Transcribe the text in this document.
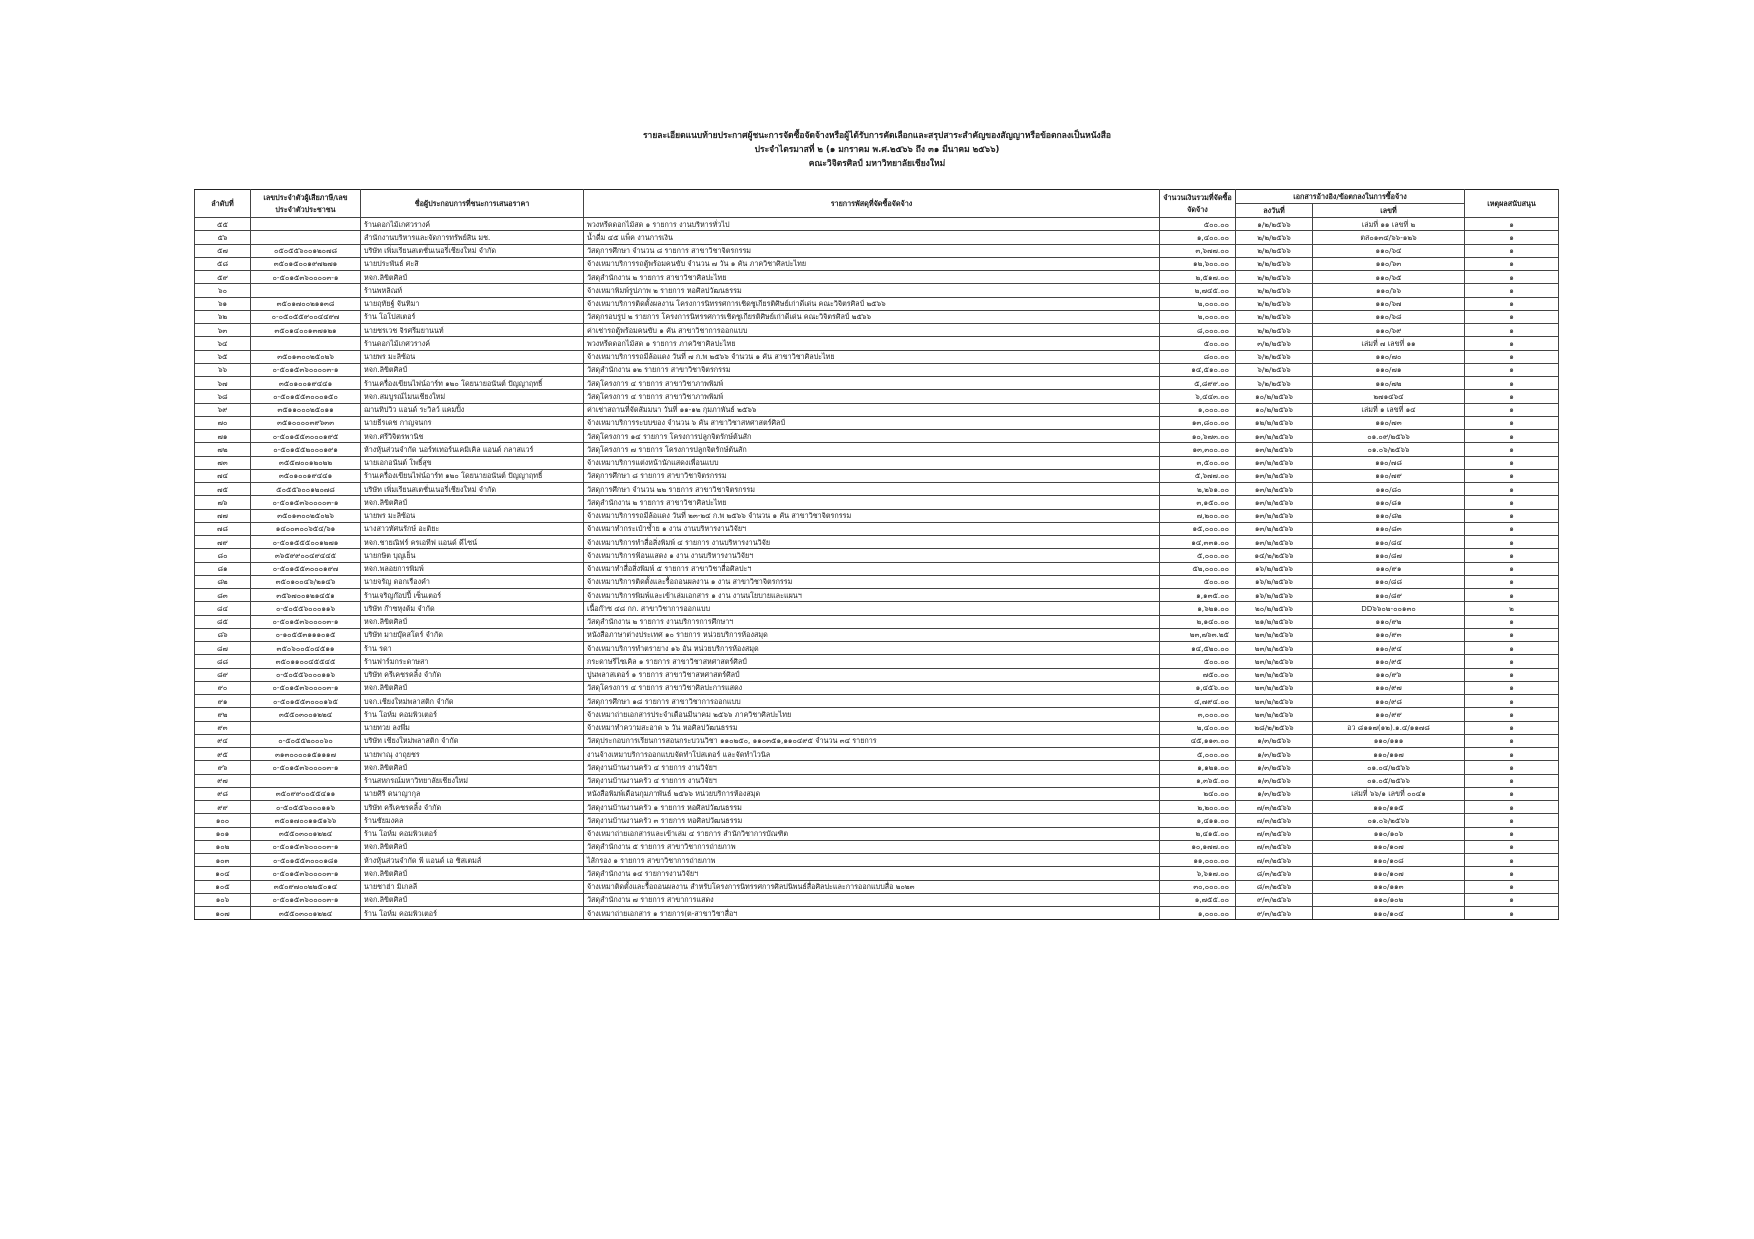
รายละเอียดแนบท้ายประกาศผู้ชนะการจัดซื้อจัดจ้างหรือผู้ได้รับการคัดเลือกและสรุปสาระสำคัญของสัญญาหรือข้อตกลงเป็นหนังสือ
ประจำไตรมาสที่ ๒ (๑ มกราคม พ.ศ.๒๕๖๖ ถึง ๓๑ มีนาคม ๒๕๖๖)
คณะวิจิตรศิลป์ มหาวิทยาลัยเชียงใหม่
ลำดับที่	เลขประจำตัวผู้เสียภาษี/เลขประจำตัวประชาชน	ชื่อผู้ประกอบการที่ชนะการเสนอราคา	รายการพัสดุที่จัดซื้อจัดจ้าง	จำนวนเงินรวมที่จัดซื้อจัดจ้าง	เอกสารอ้างอิง/ข้อตกลงในการซื้อจ้าง		เหตุผลสนับสนุน
					ลงวันที่	เลขที่	
๕๕		ร้านดอกไม้เกศวรางค์	พวงหรีดดอกไม้สด ๑ รายการ งานบริหารทั่วไป	๕๐๐.๐๐	๑/๒/๒๕๖๖	เล่มที่ ๑๑ เลขที่ ๒	๑
๕๖		สำนักงานบริหารและจัดการทรัพย์สิน มช.	น้ำดื่ม ๔๕ แพ็ค งานการเงิน	๑,๔๐๐.๐๐	๒/๒/๒๕๖๖	ตส๐๑๓๔/๖๖-๑๒๖	๑
๕๗	๐๕๐๕๕๖๐๐๑๒๐๗๘	บริษัท เพิ่มเรียนสเตชั่นเนอรี่เชียงใหม่ จำกัด	วัสดุการศึกษา จำนวน ๘ รายการ สาขาวิชาจิตรกรรม	๓,๖๗๗.๐๐	๒/๒/๒๕๖๖	๑๑๐/๖๔	๑
๕๘	๓๕๐๑๕๐๐๑๙๗๒๗๑	นายประพันธ์ ศะสิ	จ้างเหมาบริการรถตู้พร้อมคนขับ จำนวน ๗ วัน ๑ คัน ภาควิชาศิลปะไทย	๑๒,๖๐๐.๐๐	๒/๒/๒๕๖๖	๑๑๐/๖๓	๑
๕๙	๐-๕๐๑๕๓๖๐๐๐๐๓-๑	หจก.ลิขิตศิลป์	วัสดุสำนักงาน ๒ รายการ สาขาวิชาศิลปะไทย	๒,๕๑๗.๐๐	๒/๒/๒๕๖๖	๑๑๐/๖๕	๑
๖๐		ร้านพหลิณท์	จ้างเหมาพิมพ์รูปภาพ ๒ รายการ หอศิลปวัฒนธรรม	๒,๗๔๕.๐๐	๒/๒/๒๕๖๖	๑๑๐/๖๖	๑
๖๑	๓๕๐๑๗๐๐๒๑๑๓๘	นายฤทัยฐ์ จันทิมา	จ้างเหมาบริการติดตั้งผลงาน โครงการนิทรรศการเชิดชูเกียรติศิษย์เก่าดีเด่น คณะวิจิตรศิลป์ ๒๕๖๖	๒,๐๐๐.๐๐	๒/๒/๒๕๖๖	๑๑๐/๖๗	๑
๖๒	๐-๐๕๐๕๕๙๐๐๔๔๙๗	ร้าน โอโปสเตอร์	วัสดุกรอบรูป ๒ รายการ โครงการนิทรรศการเชิดชูเกียรติศิษย์เก่าดีเด่น คณะวิจิตรศิลป์ ๒๕๖๖	๒,๐๐๐.๐๐	๒/๒/๒๕๖๖	๑๑๐/๖๘	๑
๖๓	๓๕๐๑๔๐๐๑๓๗๑๒๑	นายชรเวช จิรศรีมยานนท์	ค่าเช่ารถตู้พร้อมคนขับ ๑ คัน สาขาวิชาการออกแบบ	๘,๐๐๐.๐๐	๒/๒/๒๕๖๖	๑๑๐/๖๙	๑
๖๔		ร้านดอกไม้เกศวรางค์	พวงหรีดดอกไม้สด ๑ รายการ ภาควิชาศิลปะไทย	๕๐๐.๐๐	๓/๒/๒๕๖๖	เล่มที่ ๗ เลขที่ ๑๑	๑
๖๕	๓๕๐๑๓๐๐๒๕๐๒๖	นายพร มะลิซ้อน	จ้างเหมาบริการรถมีล้อแดง วันที่ ๗ ก.พ ๒๕๖๖ จำนวน ๑ คัน สาขาวิชาศิลปะไทย	๘๐๐.๐๐	๖/๒/๒๕๖๖	๑๑๐/๗๐	๑
๖๖	๐-๕๐๑๕๓๖๐๐๐๐๓-๑	หจก.ลิขิตศิลป์	วัสดุสำนักงาน ๑๒ รายการ สาขาวิชาจิตรกรรม	๑๔,๕๑๐.๐๐	๖/๒/๒๕๖๖	๑๑๐/๗๑	๑
๖๗	๓๕๐๑๐๐๑๙๔๔๑	ร้านเครื่องเขียนไฟน์อาร์ท ๑๒๐ โดยนายอนันต์ ปัญญาฤทธิ์	วัสดุโครงการ ๔ รายการ สาขาวิชาภาพพิมพ์	๕,๘๙๙.๐๐	๖/๒/๒๕๖๖	๑๑๐/๗๒	๑
๖๘	๐-๕๐๑๕๕๓๐๐๐๑๕๐	หจก.สมบูรณ์ไมนเชียงใหม่	วัสดุโครงการ ๔ รายการ สาขาวิชาภาพพิมพ์	๖,๔๔๓.๐๐	๑๐/๒/๒๕๖๖	๒๗๑๔๖๔	๑
๖๙	๓๕๑๑๐๐๐๒๕๐๑๑	ฌานทิปวิว แอนด์ ระวิลว์ แคมปิ้ง	ค่าเช่าสถานที่จัดสัมมนา วันที่ ๑๑-๑๒ กุมภาพันธ์ ๒๕๖๖	๑,๐๐๐.๐๐	๑๐/๒/๒๕๖๖	เล่มที่ ๑ เลขที่ ๑๔	๑
๗๐	๓๕๑๐๐๐๐๓๙๖๓๓	นายธีรเดช กาญจนกร	จ้างเหมาบริการระบบของ จำนวน ๖ คัน สาขาวิชาสหศาสตร์ศิลป์	๑๓,๘๐๐.๐๐	๑๒/๒/๒๕๖๖	๑๑๐/๗๓	๑
๗๑	๐-๕๐๑๕๕๓๐๐๐๑๙๕	หจก.ศรีวิจิตรพานิช	วัสดุโครงการ ๑๔ รายการ โครงการปลูกจิตรักษ์ต้นสัก	๑๐,๖๗๓.๐๐	๑๓/๒/๒๕๖๖	๐๑.๐๙/๒๕๖๖	๑
๗๒	๐-๕๐๑๕๕๒๐๐๐๑๙๑	ห้างหุ้นส่วนจำกัด นอร์ทเทอร์นเคมิเคิล แอนด์ กลาสแวร์	วัสดุโครงการ ๗ รายการ โครงการปลูกจิตรักษ์ต้นสัก	๑๓,๓๐๐.๐๐	๑๓/๒/๒๕๖๖	๐๑.๐๖/๒๕๖๖	๑
๗๓	๓๕๕๗๐๐๑๒๐๒๒	นายเอกอนันต์ โพธิ์สุข	จ้างเหมาบริการแต่งหน้านักแสดงเพื่อนแบบ	๓,๕๐๐.๐๐	๑๓/๒/๒๕๖๖	๑๑๐/๗๘	๑
๗๔	๓๕๐๑๐๐๑๙๔๔๑	ร้านเครื่องเขียนไฟน์อาร์ท ๑๒๐ โดยนายอนันต์ ปัญญาฤทธิ์	วัสดุการศึกษา ๘ รายการ สาขาวิชาจิตรกรรม	๕,๖๗๗.๐๐	๑๓/๒/๒๕๖๖	๑๑๐/๗๙	๑
๗๕	๕๐๕๕๖๐๐๑๒๐๗๘	บริษัท เพิ่มเรียนสเตชั่นเนอรี่เชียงใหม่ จำกัด	วัสดุการศึกษา จำนวน ๒๒ รายการ สาขาวิชาจิตรกรรม	๒,๒๖๑.๐๐	๑๓/๒/๒๕๖๖	๑๑๐/๘๐	๑
๗๖	๐-๕๐๑๕๓๖๐๐๐๐๓-๑	หจก.ลิขิตศิลป์	วัสดุสำนักงาน ๒ รายการ สาขาวิชาศิลปะไทย	๓,๑๕๐.๐๐	๑๓/๒/๒๕๖๖	๑๑๐/๘๑	๑
๗๗	๓๕๐๑๓๐๐๒๕๐๒๖	นายพร มะลิซ้อน	จ้างเหมาบริการรถมีล้อแดง วันที่ ๒๓-๒๔ ก.พ ๒๕๖๖ จำนวน ๑ คัน สาขาวิชาจิตรกรรม	๗,๒๐๐.๐๐	๑๓/๒/๒๕๖๖	๑๑๐/๘๒	๑
๗๘	๑๔๐๐๓๐๐๖๕๔/๖๑	นางสาวทัศนรักษ์ อะติยะ	จ้างเหมาทำกระเป๋าซ้ำย ๑ งาน งานบริหารงานวิจัยฯ	๑๕,๐๐๐.๐๐	๑๓/๒/๒๕๖๖	๑๑๐/๘๓	๑
๗๙	๐-๕๐๑๕๕๕๐๐๑๒๗๑	หจก.ชายณิฟร์ ครเอทีฟ แอนด์ ดีไซน์	จ้างเหมาบริการทำสื่อสิ่งพิมพ์ ๔ รายการ งานบริหารงานวิจัย	๑๔,๓๓๑.๐๐	๑๓/๒/๒๕๖๖	๑๑๐/๘๔	๑
๘๐	๓๖๕๙๙๐๐๔๙๔๔๕	นายกษิต บุญเย็น	จ้างเหมาบริการฟ้อนแสดง ๑ งาน งานบริหารงานวิจัยฯ	๕,๐๐๐.๐๐	๑๔/๒/๒๕๖๖	๑๑๐/๘๗	๑
๘๑	๐-๕๐๑๕๕๓๐๐๐๑๙๗	หจก.พลอยการพิมพ์	จ้างเหมาทำสื่อสิ่งพิมพ์ ๕ รายการ สาขาวิชาสื่อศิลปะฯ	๕๒,๐๐๐.๐๐	๑๖/๒/๒๕๖๖	๑๑๐/๙๑	๑
๘๒	๓๕๐๑๐๐๔๖/๒๑๔๖	นายจรัญ ดอกเรืองคำ	จ้างเหมาบริการติดตั้งและรื้อถอนผลงาน ๑ งาน สาขาวิชาจิตรกรรม	๕๐๐.๐๐	๑๖/๒/๒๕๖๖	๑๑๐/๘๘	๑
๘๓	๓๕๖๗๐๐๑๒๑๔๕๑	ร้านเจริญก๊อปปี้ เซ็นเตอร์	จ้างเหมาบริการพิมพ์และเข้าเล่มเอกสาร ๑ งาน งานนโยบายและแผนฯ	๑,๑๓๕.๐๐	๑๖/๒/๒๕๖๖	๑๑๐/๘๙	๑
๘๔	๐-๕๐๕๕๖๐๐๐๑๑๖	บริษัท ก๊าซหุงต้ม จำกัด	เนื้อก๊าซ ๔๘ กก. สาขาวิชาการออกแบบ	๑,๖๒๑.๐๐	๒๐/๒/๒๕๖๖	DD๖๖๐๒-๐๐๑๓๐	๒
๘๕	๐-๕๐๑๕๓๖๐๐๐๐๓-๑	หจก.ลิขิตศิลป์	วัสดุสำนักงาน ๒ รายการ งานบริการการศึกษาฯ	๒,๑๔๐.๐๐	๒๑/๒/๒๕๖๖	๑๑๐/๙๒	๑
๘๖	๐-๑๐๕๕๓๑๑๑๐๑๕	บริษัท มายบุ๊คสโตร์ จำกัด	หนังสือภาษาต่างประเทศ ๑๐ รายการ หน่วยบริการห้องสมุด	๒๓,๗๖๓.๒๕	๒๓/๒/๒๕๖๖	๑๑๐/๙๓	๑
๘๗	๓๕๐๖๐๐๕๐๔๕๑๑	ร้าน รดา	จ้างเหมาบริการทำตรายาง ๑๖ อัน หน่วยบริการห้องสมุด	๑๔,๕๒๐.๐๐	๒๓/๒/๒๕๖๖	๑๑๐/๙๔	๑
๘๘	๓๕๐๑๑๐๐๔๕๕๔๕	ร้านฟาร์มกระดาษสา	กระดาษรีไซเคิล ๑ รายการ สาขาวิชาสหศาสตร์ศิลป์	๕๐๐.๐๐	๒๓/๒/๒๕๖๖	๑๑๐/๙๕	๑
๘๙	๐-๕๐๕๕๖๐๐๐๑๑๖	บริษัท ครีเคชรคลิ้ง จำกัด	ปูนพลาสเตอร์ ๑ รายการ สาขาวิชาสหศาสตร์ศิลป์	๗๕๐.๐๐	๒๓/๒/๒๕๖๖	๑๑๐/๙๖	๑
๙๐	๐-๕๐๑๕๓๖๐๐๐๐๓-๑	หจก.ลิขิตศิลป์	วัสดุโครงการ ๔ รายการ สาขาวิชาศิลปะการแสดง	๑,๔๕๖.๐๐	๒๓/๒/๒๕๖๖	๑๑๐/๙๗	๑
๙๑	๐-๕๐๑๕๕๓๐๐๐๑๖๕	บจก.เชียงใหม่พลาสติก จำกัด	วัสดุการศึกษา ๑๘ รายการ สาขาวิชาการออกแบบ	๔,๗๙๔.๐๐	๒๓/๒/๒๕๖๖	๑๑๐/๙๘	๑
๙๒	๓๕๕๐๓๐๐๑๒๒๔	ร้าน โอห์ม คอมพิวเตอร์	จ้างเหมาถ่ายเอกสารประจำเดือนมีนาคม ๒๕๖๖ ภาควิชาศิลปะไทย	๓,๐๐๐.๐๐	๒๓/๒/๒๕๖๖	๑๑๐/๙๙	๑
๙๓		นายทวย ลงพึ่ม	จ้างเหมาทำความสะอาด ๖ วัน หอศิลปวัฒนธรรม	๒,๔๐๐.๐๐	๒๘/๒/๒๕๖๖	อว ๘๑๑๗(๑๒).๑.๔/๑๑๗๘	๑
๙๔	๐-๕๐๕๕๒๐๐๐๖๐	บริษัท เชียงใหม่พลาสติก จำกัด	วัสดุประกอบการเรียนการสอนกระบวนวิชา ๑๑๐๒๕๐, ๑๑๐๓๕๑,๑๑๐๔๙๕ จำนวน ๓๔ รายการ	๔๕,๑๑๓.๐๐	๑/๓/๒๕๖๖	๑๑๐/๑๑๑	๑
๙๕	๓๑๓๐๐๐๐๑๕๑๑๑๗	นายพาณุ งาถุยชร	งานจ้างเหมาบริการออกแบบจัดทำโปสเตอร์ และจัดทำไวนิล	๕,๐๐๐.๐๐	๑/๓/๒๕๖๖	๑๑๐/๑๑๗	๑
๙๖	๐-๕๐๑๕๓๖๐๐๐๐๓-๑	หจก.ลิขิตศิลป์	วัสดุงานบ้านงานครัว ๔ รายการ งานวิจัยฯ	๑,๑๒๑.๐๐	๑/๓/๒๕๖๖	๐๑.๐๔/๒๕๖๖	๑
๙๗		ร้านสหกรณ์มหาวิทยาลัยเชียงใหม่	วัสดุงานบ้านงานครัว ๔ รายการ งานวิจัยฯ	๑,๓๖๕.๐๐	๑/๓/๒๕๖๖	๐๑.๐๕/๒๕๖๖	๑
๙๘	๓๕๐๙๙๐๐๕๕๔๑๑	นายศิริ ดนาญากุล	หนังสือพิมพ์เดือนกุมภาพันธ์ ๒๕๖๖ หน่วยบริการห้องสมุด	๒๔๐.๐๐	๑/๓/๒๕๖๖	เล่มที่ ๖๖/๑ เลขที่ ๐๐๔๑	๑
๙๙	๐-๕๐๕๕๖๐๐๐๑๑๖	บริษัท ครีเคชรคลิ้ง จำกัด	วัสดุงานบ้านงานครัว ๑ รายการ หอศิลปวัฒนธรรม	๒,๒๐๐.๐๐	๗/๓/๒๕๖๖	๑๑๐/๑๑๕	๑
๑๐๐	๓๕๐๑๗๐๐๑๑๕๑๖๖	ร้านชัยมงคล	วัสดุงานบ้านงานครัว ๓ รายการ หอศิลปวัฒนธรรม	๑,๔๑๑.๐๐	๗/๓/๒๕๖๖	๐๑.๐๖/๒๕๖๖	๑
๑๐๑	๓๕๕๐๓๐๐๑๒๒๔	ร้าน โอห์ม คอมพิวเตอร์	จ้างเหมาถ่ายเอกสารและเข้าเล่ม ๔ รายการ สำนักวิชาการบัณฑิต	๒,๔๑๕.๐๐	๗/๓/๒๕๖๖	๑๑๐/๑๐๖	๑
๑๐๒	๐-๕๐๑๕๓๖๐๐๐๐๓-๑	หจก.ลิขิตศิลป์	วัสดุสำนักงาน ๕ รายการ สาขาวิชาการถ่ายภาพ	๑๐,๑๗๗.๐๐	๗/๓/๒๕๖๖	๑๑๐/๑๐๗	๑
๑๐๓	๐-๕๐๑๕๕๓๐๐๐๑๘๑	ห้างหุ้นส่วนจำกัด พี แอนด์ เอ ซิสเตมส์	ไส้กรอง ๑ รายการ สาขาวิชาการถ่ายภาพ	๑๑,๐๐๐.๐๐	๗/๓/๒๕๖๖	๑๑๐/๑๐๘	๑
๑๐๔	๐-๕๐๑๕๓๖๐๐๐๐๓-๑	หจก.ลิขิตศิลป์	วัสดุสำนักงาน ๑๔ รายการงานวิจัยฯ	๖,๖๑๗.๐๐	๘/๓/๒๕๖๖	๑๑๐/๑๐๗	๑
๑๐๕	๓๕๐๙๗๐๐๒๒๕๐๑๔	นายชาฮ่า มิเกลลี	จ้างเหมาติดตั้งและรื้อถอนผลงาน สำหรับโครงการนิทรรศการศิลปนิพนธ์สื่อศิลปะและการออกแบบสื่อ ๒๐๒๓	๓๐,๐๐๐.๐๐	๘/๓/๒๕๖๖	๑๑๐/๑๑๓	๑
๑๐๖	๐-๕๐๑๕๓๖๐๐๐๐๓-๑	หจก.ลิขิตศิลป์	วัสดุสำนักงาน ๗ รายการ สาขาการแสดง	๑,๗๕๕.๐๐	๙/๓/๒๕๖๖	๑๑๐/๑๐๒	๑
๑๐๗	๓๕๕๐๓๐๐๑๒๒๔	ร้าน โอห์ม คอมพิวเตอร์	จ้างเหมาถ่ายเอกสาร ๑ รายการ(ต-สาขาวิชาสื่อฯ	๑,๐๐๐.๐๐	๙/๓/๒๕๖๖	๑๑๐/๑๐๔	๑
